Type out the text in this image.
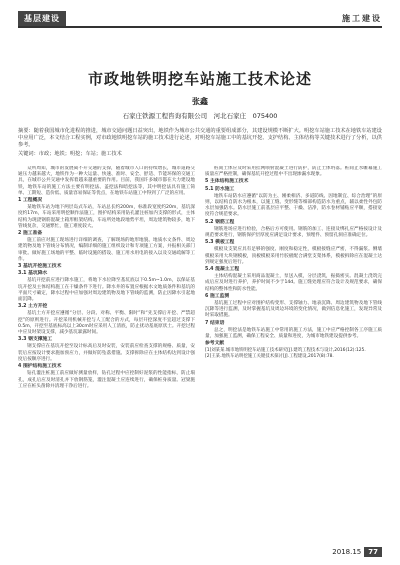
基层建设	施工建设
市政地铁明挖车站施工技术论述
张鑫
石家庄铁源工程咨询有限公司　河北石家庄　075400
摘要：随着我国城市化进程的推进，城市交通问题日益突出，地铁作为城市公共交通的重要组成部分，其建设规模不断扩大。明挖车站施工技术在地铁车站建设中应用广泛，本文结合工程实例，对市政地铁明挖车站的施工技术进行论述，对明挖车站施工中的基坑开挖、支护结构、主体结构等关键技术进行了分析，以供参考。
关键词：市政；地铁；明挖；车站；施工技术

众所周知，城市的发展离不开交通的支撑，随着城市人口的持续增长，城市道路交通压力越来越大，地铁作为一种大运量、快速、准时、安全、舒适、节能环保的交通工具，在城市公共交通中发挥着越来越重要的作用。目前，我国许多城市都在大力建设地铁，地铁车站的施工方法主要有明挖法、盖挖法和暗挖法等，其中明挖法具有施工简单、工期短、造价低、质量容易保证等优点，在地铁车站施工中得到了广泛的应用。

1 工程概况

某地铁车站为地下两层岛式车站，车站总长约200m，标准段宽度约20m，基坑深度约17m，车站采用明挖顺作法施工，围护结构采用钻孔灌注桩加内支撑的形式，主体结构为现浇钢筋混凝土箱形框架结构。车站所处地段地势平坦，周边建筑物较多，地下管线复杂，交通繁忙，施工难度较大。

2 施工准备

施工前应对施工现场进行详细的调查，了解现场的地形地貌、地质水文条件、周边建筑物及地下管线分布情况，编制详细的施工组织设计和专项施工方案，并报相关部门审批。做好施工场地的平整、临时设施的搭设、施工用水用电的接入以及交通疏解等工作。

3 基坑开挖施工技术
3.1 基坑降水

基坑开挖前应进行降水施工，将地下水位降至基坑底以下0.5m~1.0m，以保证基坑开挖及主体结构施工在干燥条件下进行。降水井的布置应根据水文地质条件和基坑的平面尺寸确定，降水过程中应加强对周边建筑物及地下管线的监测，防止因降水引起地面沉降。

3.2 土方开挖

基坑土方开挖应遵循“分层、分段、对称、平衡、限时”和“先支撑后开挖、严禁超挖”的原则进行。开挖采用机械开挖与人工配合的方式，每层开挖深度不宜超过支撑下0.5m，开挖至基底标高以上30cm时应采用人工清底，防止扰动基底原状土。开挖过程中应及时架设支撑，减少基坑暴露时间。

3.3 钢支撑施工

钢支撑应在基坑开挖至设计标高后及时安装，安装前应检查支撑的规格、质量，安装后应按设计要求施加预应力，并做好防坠落措施。支撑拆除应在主体结构达到设计强度后按顺序进行。

4 围护结构施工技术

钻孔灌注桩施工前应做好测量放样，钻孔过程中应控制好泥浆的性能指标，防止塌孔，成孔后应及时清孔并下放钢筋笼，灌注混凝土应连续进行，确保桩身质量。冠梁施工应在桩头凿除并清理干净后进行。

桩间土体应及时采用挂网喷射混凝土进行防护，防止土体坍落。桩间止水帷幕施工质量应严格控制，确保基坑开挖过程中不出现渗漏水现象。

5 主体结构施工技术
5.1 防水施工

地铁车站防水应遵循“以防为主、刚柔相济、多道防线、因地制宜、综合治理”的原则，以结构自防水为根本，以施工缝、变形缝等细部构造防水为重点，辅以柔性外包防水层加强防水。防水层施工前基层应平整、干燥、洁净，防水卷材铺贴应平顺，搭接宽度符合规范要求。

5.2 钢筋工程

钢筋进场应进行检验，合格后方可使用。钢筋的加工、连接及绑扎应严格按设计及规范要求进行，钢筋保护层厚度应满足设计要求，预埋件、预留孔洞应准确定位。

5.3 模板工程

模板及支架应具有足够的强度、刚度和稳定性，模板接缝应严密，不得漏浆。侧墙模板采用大块钢模板，顶板模板采用竹胶板配合满堂支架体系，模板拆除应在混凝土达到规定强度后进行。

5.4 混凝土工程

主体结构混凝土采用商品混凝土，泵送入模，分层浇筑，振捣密实。混凝土浇筑完成后应及时进行养护，养护时间不少于14d。施工缝处理应符合设计及规范要求，确保结构的整体性和防水性能。

6 施工监测

基坑施工过程中应对围护结构变形、支撑轴力、地表沉降、周边建筑物及地下管线沉降等进行监测，及时掌握基坑及周边环境的变化情况，做到信息化施工，发现异常及时采取措施。

7 结束语

总之，明挖法是地铁车站施工中常用的施工方法，施工中应严格控制各工序施工质量，加强施工监测，确保工程安全、质量和进度，为城市地铁建设提供参考。

参考文献
[1]刘某某.城市地铁明挖车站施工技术研究[J].建筑工程技术与设计,2016(12):125.
[2]王某.地铁车站明挖施工关键技术探讨[J].工程建设,2017(8):78.
2018.15	77
